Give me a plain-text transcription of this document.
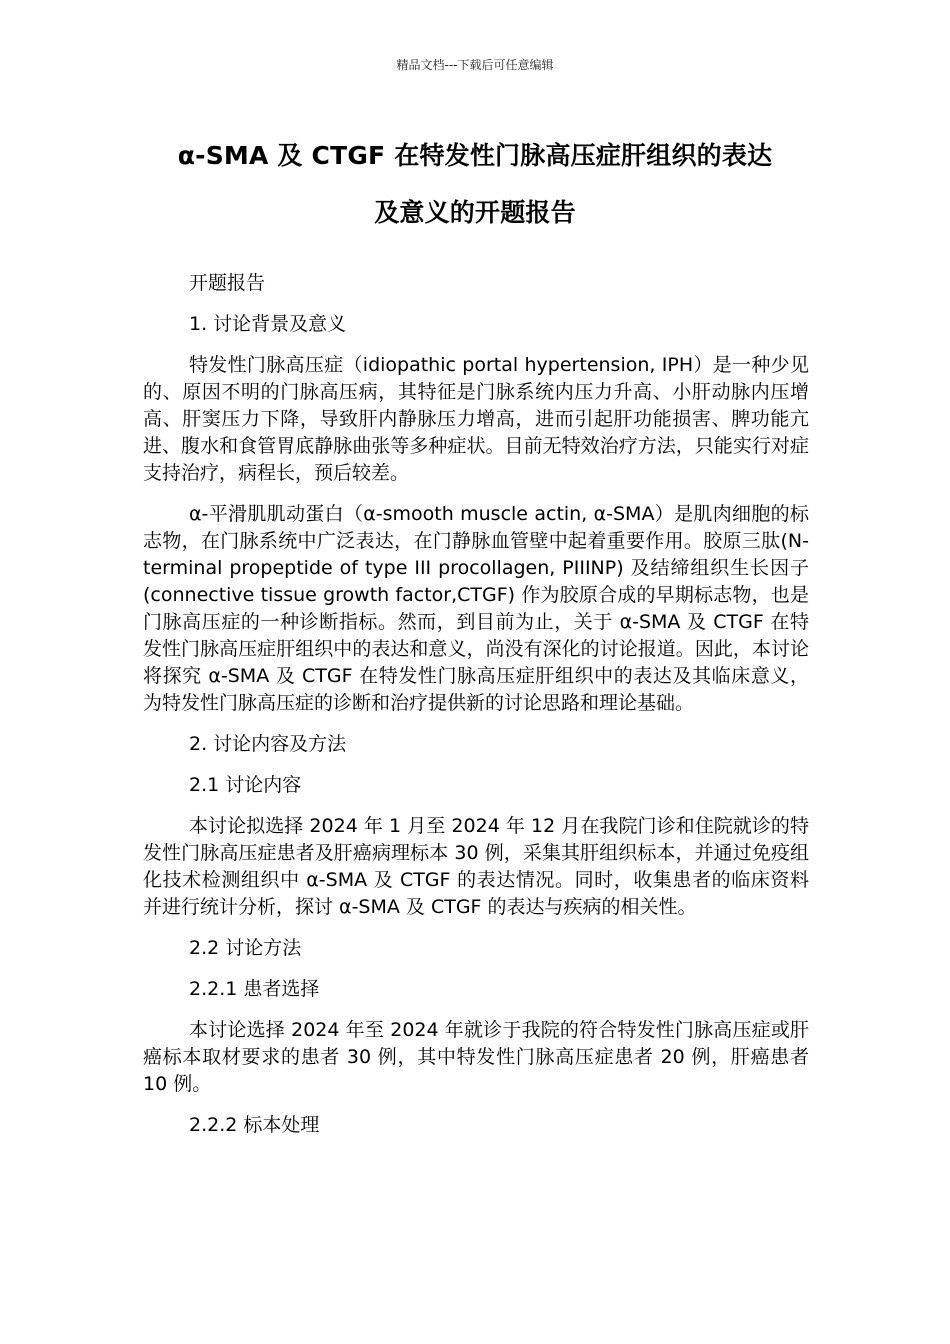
精品文档---下载后可任意编辑
α-SMA 及 CTGF 在特发性门脉高压症肝组织的表达
及意义的开题报告

开题报告

1. 讨论背景及意义

特发性门脉高压症（idiopathic portal hypertension, IPH）是一种少见的、原因不明的门脉高压病，其特征是门脉系统内压力升高、小肝动脉内压增高、肝窦压力下降，导致肝内静脉压力增高，进而引起肝功能损害、脾功能亢进、腹水和食管胃底静脉曲张等多种症状。目前无特效治疗方法，只能实行对症支持治疗，病程长，预后较差。

α-平滑肌肌动蛋白（α-smooth muscle actin, α-SMA）是肌肉细胞的标志物，在门脉系统中广泛表达，在门静脉血管壁中起着重要作用。胶原三肽(N-terminal propeptide of type III procollagen, PIIINP) 及结缔组织生长因子(connective tissue growth factor,CTGF) 作为胶原合成的早期标志物，也是门脉高压症的一种诊断指标。然而，到目前为止，关于 α-SMA 及 CTGF 在特发性门脉高压症肝组织中的表达和意义，尚没有深化的讨论报道。因此，本讨论将探究 α-SMA 及 CTGF 在特发性门脉高压症肝组织中的表达及其临床意义，为特发性门脉高压症的诊断和治疗提供新的讨论思路和理论基础。

2. 讨论内容及方法

2.1 讨论内容

本讨论拟选择 2024 年 1 月至 2024 年 12 月在我院门诊和住院就诊的特发性门脉高压症患者及肝癌病理标本 30 例，采集其肝组织标本，并通过免疫组化技术检测组织中 α-SMA 及 CTGF 的表达情况。同时，收集患者的临床资料并进行统计分析，探讨 α-SMA 及 CTGF 的表达与疾病的相关性。

2.2 讨论方法

2.2.1 患者选择

本讨论选择 2024 年至 2024 年就诊于我院的符合特发性门脉高压症或肝癌标本取材要求的患者 30 例，其中特发性门脉高压症患者 20 例，肝癌患者 10 例。

2.2.2 标本处理
